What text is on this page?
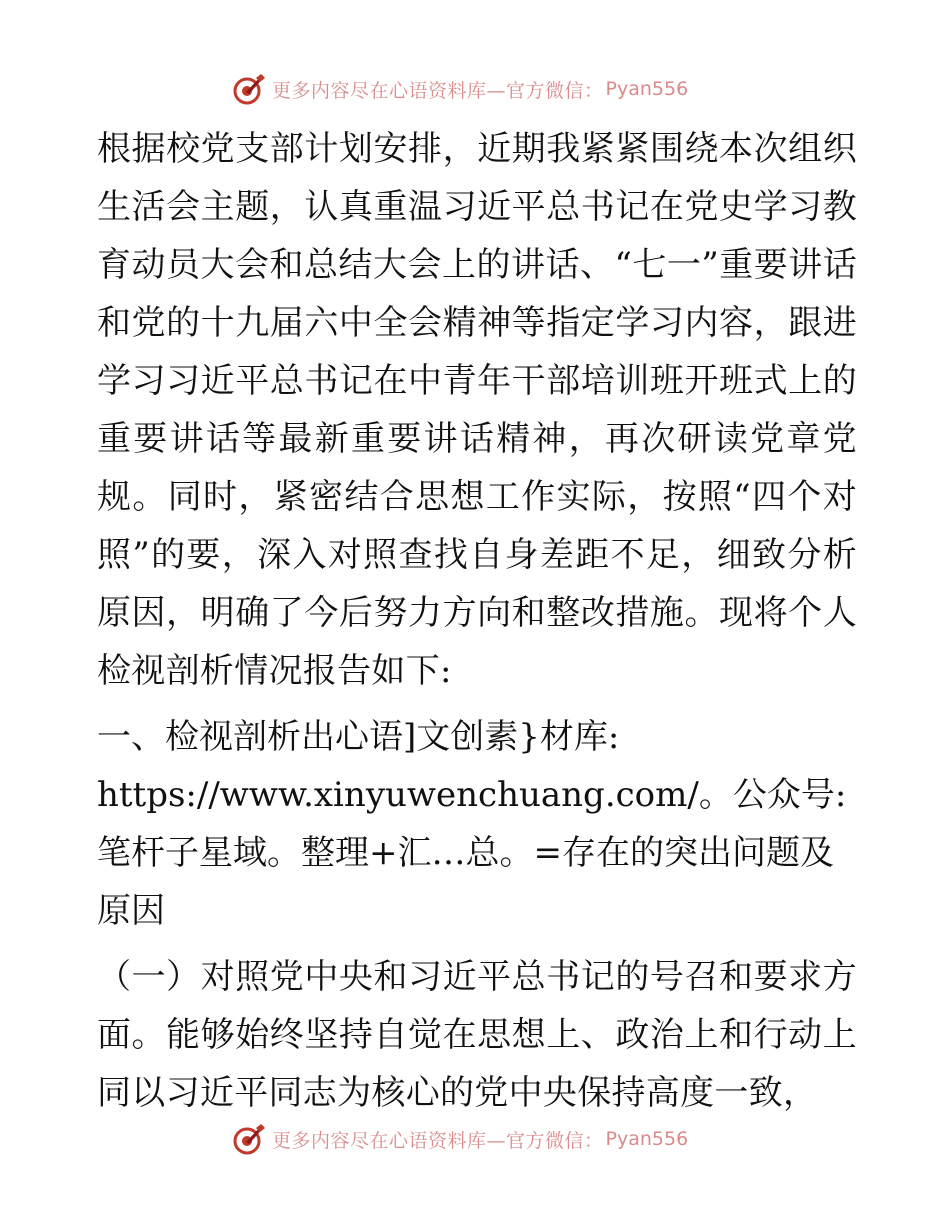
更多内容尽在心语资料库—官方微信： Pyan556

根据校党支部计划安排，近期我紧紧围绕本次组织生活会主题，认真重温习近平总书记在党史学习教育动员大会和总结大会上的讲话、“七一”重要讲话和党的十九届六中全会精神等指定学习内容，跟进学习习近平总书记在中青年干部培训班开班式上的重要讲话等最新重要讲话精神，再次研读党章党规。同时，紧密结合思想工作实际，按照“四个对照”的要，深入对照查找自身差距不足，细致分析原因，明确了今后努力方向和整改措施。现将个人检视剖析情况报告如下:

一、检视剖析出心语]文创素}材库: https://www.xinyuwenchuang.com/。公众号: 笔杆子星域。整理+汇…总。=存在的突出问题及原因

（一）对照党中央和习近平总书记的号召和要求方面。能够始终坚持自觉在思想上、政治上和行动上同以习近平同志为核心的党中央保持高度一致，

更多内容尽在心语资料库—官方微信： Pyan556
